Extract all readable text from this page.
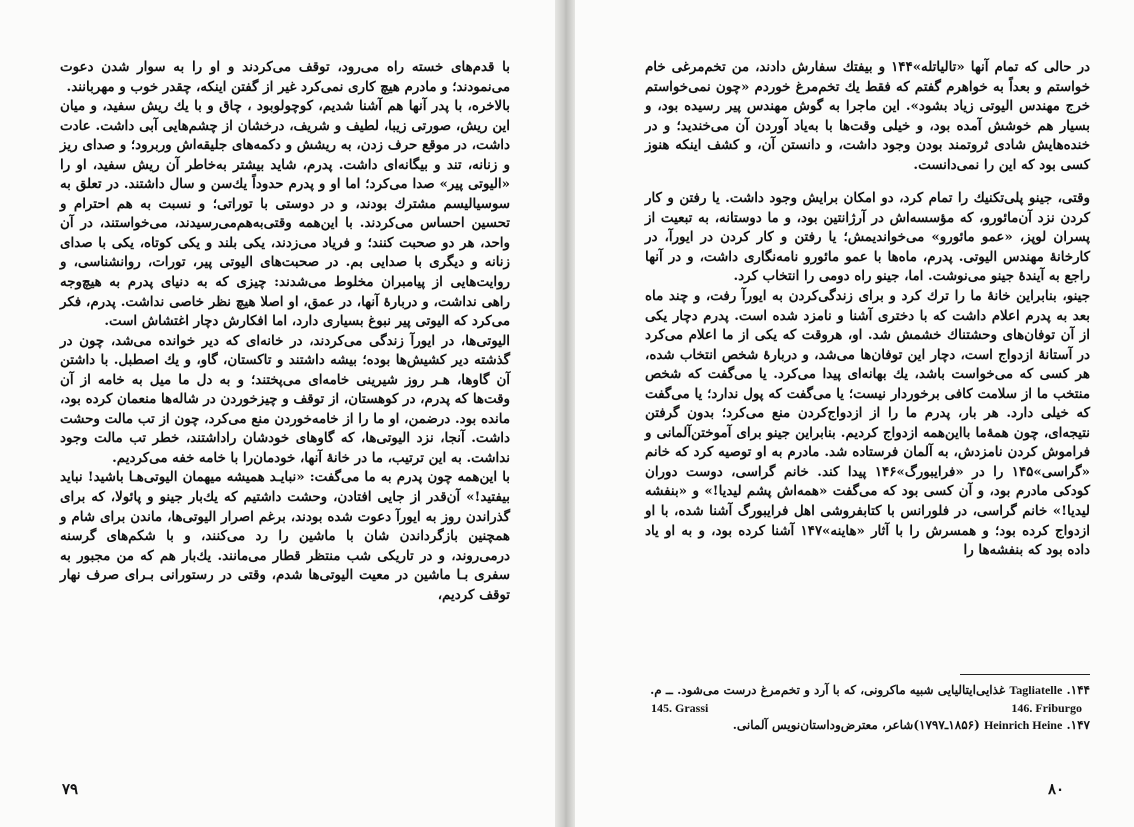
با قدم‌های خسته راه می‌رود، توقف می‌کردند و او را به سوار شدن دعوت می‌نمودند؛ و مادرم هیچ کاری نمی‌کرد غیر از گفتن اینکه، چقدر خوب و مهربانند.

بالاخره، با پدر آنها هم آشنا شدیم، کوچولوبود ، چاق و با یك ریش سفید، و میان این ریش، صورتی زیبا، لطیف و شریف، درخشان از چشم‌هایی آبی داشت. عادت داشت، در موقع حرف زدن، به ریشش و دکمه‌های جلیقه‌اش وربرود؛ و صدای ریز و زنانه، تند و بیگانه‌ای داشت. پدرم، شاید بیشتر به‌خاطر آن ریش سفید، او را «الیوتی پیر» صدا می‌کرد؛ اما او و پدرم حدوداً یك‌سن و سال داشتند. در تعلق به سوسیالیسم مشترك بودند، و در دوستی با توراتی؛ و نسبت به هم احترام و تحسین احساس می‌کردند. با این‌همه وقتی‌به‌هم‌می‌رسیدند، می‌خواستند، در آن واحد، هر دو صحبت کنند؛ و فریاد می‌زدند، یکی بلند و یکی کوتاه، یکی با صدای زنانه و دیگری با صدایی بم. در صحبت‌های الیوتی پیر، تورات، روانشناسی، و روایت‌هایی از پیامبران مخلوط می‌شدند: چیزی که به دنیای پدرم به هیچ‌وجه راهی نداشت، و دربارهٔ آنها، در عمق، او اصلا هیچ نظر خاصی نداشت. پدرم، فکر می‌کرد که الیوتی پیر نبوغ بسیاری دارد، اما افکارش دچار اغتشاش است.

الیوتی‌ها، در ایورآ زندگی می‌کردند، در خانه‌ای که دیر خوانده می‌شد، چون در گذشته دیر کشیش‌ها بوده؛ بیشه داشتند و تاکستان، گاو، و یك اصطبل. با داشتن آن گاوها، هـر روز شیرینی خامه‌ای می‌پختند؛ و به دل ما میل به خامه از آن وقت‌ها که پدرم، در کوهستان، از توقف و چیزخوردن در شاله‌ها منعمان کرده بود، مانده بود. درضمن، او ما را از خامه‌خوردن منع می‌کرد، چون از تب مالت وحشت داشت. آنجا، نزد الیوتی‌ها، که گاوهای خودشان راداشتند، خطر تب مالت وجود نداشت. به این ترتیب، ما در خانهٔ آنها، خودمان‌را با خامه خفه می‌کردیم.

با این‌همه چون پدرم به ما می‌گفت: «نبایـد همیشه میهمان الیوتی‌هـا باشید! نباید بیفتید!» آن‌قدر از جایی افتادن، وحشت داشتیم که یك‌بار جینو و پائولا، که برای گذراندن روز به ایورآ دعوت شده بودند، برغم اصرار الیوتی‌ها، ماندن برای شام و همچنین بازگرداندن شان با ماشین را رد می‌کنند، و با شکم‌های گرسنه درمی‌روند، و در تاریکی شب منتظر قطار می‌مانند. یك‌بار هم که من مجبور به سفری بـا ماشین در معیت الیوتی‌ها شدم، وقتی در رستورانی بـرای صرف نهار توقف کردیم،

۷۹

در حالی که تمام آنها «تالیاتله»۱۴۴ و بیفتك سفارش دادند، من تخم‌مرغی خام خواستم و بعداً به خواهرم گفتم که فقط یك تخم‌مرغ خوردم «چون نمی‌خواستم خرج مهندس الیوتی زیاد بشود». این ماجرا به گوش مهندس پیر رسیده بود، و بسیار هم خوشش آمده بود، و خیلی وقت‌ها با به‌یاد آوردن آن می‌خندید؛ و در خنده‌هایش شادی ثروتمند بودن وجود داشت، و دانستن آن، و کشف اینکه هنوز کسی بود که این را نمی‌دانست.

وقتی، جینو پلی‌تکنیك را تمام کرد، دو امکان برایش وجود داشت. یا رفتن و کار کردن نزد آن‌مائورو، که مؤسسه‌اش در آرژانتین بود، و ما دوستانه، به تبعیت از پسران لوپز، «عمو مائورو» می‌خواندیمش؛ یا رفتن و کار کردن در ایورآ، در کارخانهٔ مهندس الیوتی. پدرم، ماه‌ها با عمو مائورو نامه‌نگاری داشت، و در آنها راجع به آیندهٔ جینو می‌نوشت. اما، جینو راه دومی را انتخاب کرد.

جینو، بنابراین خانهٔ ما را ترك کرد و برای زندگی‌کردن به ایورآ رفت، و چند ماه بعد به پدرم اعلام داشت که با دختری آشنا و نامزد شده است. پدرم دچار یکی از آن توفان‌های وحشتناك خشمش شد. او، هروقت که یکی از ما اعلام می‌کرد در آستانهٔ ازدواج است، دچار این توفان‌ها می‌شد، و دربارهٔ شخص انتخاب شده، هر کسی که می‌خواست باشد، یك بهانه‌ای پیدا می‌کرد. یا می‌گفت که شخص منتخب ما از سلامت کافی برخوردار نیست؛ یا می‌گفت که پول ندارد؛ یا می‌گفت که خیلی دارد. هر بار، پدرم ما را از ازدواج‌کردن منع می‌کرد؛ بدون گرفتن نتیجه‌ای، چون همۀما بااین‌همه ازدواج کردیم. بنابراین جینو برای آموختن‌آلمانی و فراموش کردن نامزدش، به آلمان فرستاده شد. مادرم به او توصیه کرد که خانم «گراسی»۱۴۵ را در «فرایبورگ»۱۴۶ پیدا کند. خانم گراسی، دوست دوران کودکی مادرم بود، و آن کسی بود که می‌گفت «همه‌اش پشم لیدیا!» و «بنفشه لیدیا!» خانم گراسی، در فلورانس با کتابفروشی اهل فرایبورگ آشنا شده، با او ازدواج کرده بود؛ و همسرش را با آثار «هاینه»۱۴۷ آشنا کرده بود، و به او یاد داده بود که بنفشه‌ها را

۱۴۴. Tagliatelle غذایی‌ایتالیایی شبیه ماکرونی، که با آرد و تخم‌مرغ درست می‌شود. ــ م.

145. Grassi	146. Friburgo

۱۴۷. Heinrich Heine (۱۸۵۶ـ۱۷۹۷)شاعر، معترض‌وداستان‌نویس آلمانی.

۸۰
